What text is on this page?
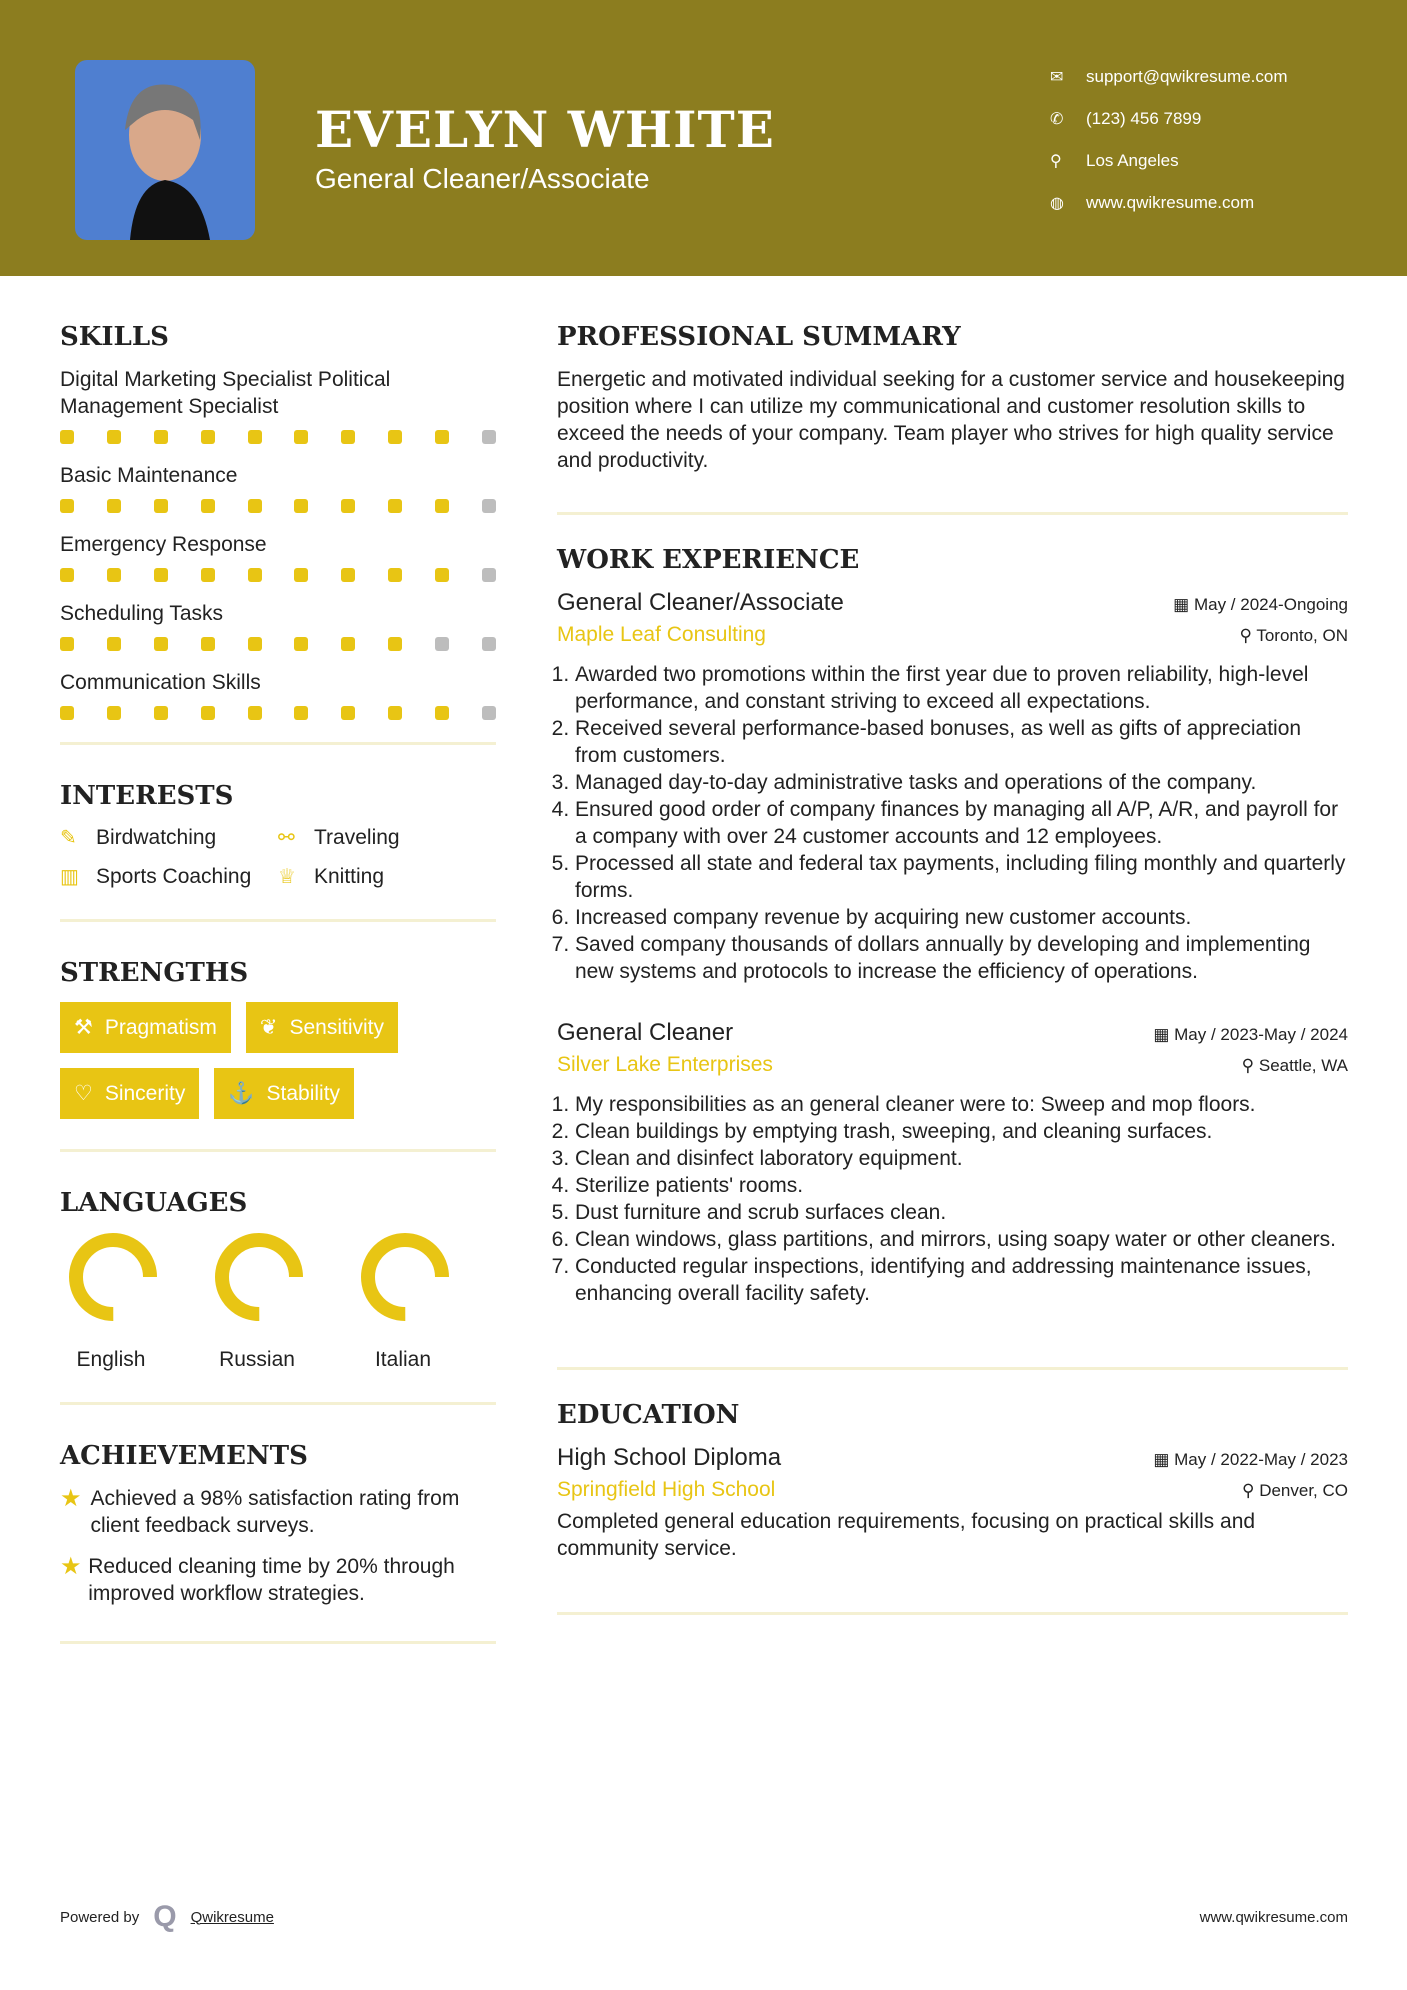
EVELYN WHITE
General Cleaner/Associate
✉	support@qwikresume.com
✆	(123) 456 7899
⚲	Los Angeles
◍	www.qwikresume.com
SKILLS
Digital Marketing Specialist Political Management Specialist
Basic Maintenance
Emergency Response
Scheduling Tasks
Communication Skills
INTERESTS
✎ Birdwatching	⚯ Traveling
▥ Sports Coaching ♕ Knitting
STRENGTHS
⚒ Pragmatism ❦ Sensitivity
♡ Sincerity ⚓ Stability
LANGUAGES
English	Russian	Italian
ACHIEVEMENTS
★ Achieved a 98% satisfaction rating from client feedback surveys.
★ Reduced cleaning time by 20% through improved workflow strategies.
PROFESSIONAL SUMMARY

Energetic and motivated individual seeking for a customer service and housekeeping position where I can utilize my communicational and customer resolution skills to exceed the needs of your company. Team player who strives for high quality service and productivity.

WORK EXPERIENCE
General Cleaner/Associate	▦ May / 2024-Ongoing
Maple Leaf Consulting	⚲ Toronto, ON
1. Awarded two promotions within the first year due to proven reliability, high-level performance, and constant striving to exceed all expectations.
2. Received several performance-based bonuses, as well as gifts of appreciation from customers.
3. Managed day-to-day administrative tasks and operations of the company.
4. Ensured good order of company finances by managing all A/P, A/R, and payroll for a company with over 24 customer accounts and 12 employees.
5. Processed all state and federal tax payments, including filing monthly and quarterly forms.
6. Increased company revenue by acquiring new customer accounts.
7. Saved company thousands of dollars annually by developing and implementing new systems and protocols to increase the efficiency of operations.
General Cleaner	▦ May / 2023-May / 2024
Silver Lake Enterprises	⚲ Seattle, WA
1. My responsibilities as an general cleaner were to: Sweep and mop floors.
2. Clean buildings by emptying trash, sweeping, and cleaning surfaces.
3. Clean and disinfect laboratory equipment.
4. Sterilize patients' rooms.
5. Dust furniture and scrub surfaces clean.
6. Clean windows, glass partitions, and mirrors, using soapy water or other cleaners.
7. Conducted regular inspections, identifying and addressing maintenance issues, enhancing overall facility safety.
EDUCATION
High School Diploma	▦ May / 2022-May / 2023
Springfield High School	⚲ Denver, CO

Completed general education requirements, focusing on practical skills and community service.

Powered by Q Qwikresume	www.qwikresume.com
